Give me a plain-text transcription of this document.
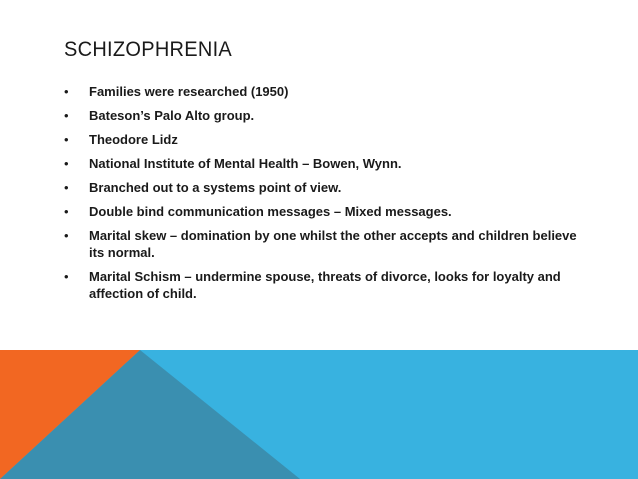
SCHIZOPHRENIA
• Families were researched (1950)
• Bateson’s Palo Alto group.
• Theodore Lidz
• National Institute of Mental Health – Bowen, Wynn.
• Branched out to a systems point of view.
• Double bind communication messages – Mixed messages.
• Marital skew – domination by one whilst the other accepts and children believe its normal.
• Marital Schism – undermine spouse, threats of divorce, looks for loyalty and affection of child.
